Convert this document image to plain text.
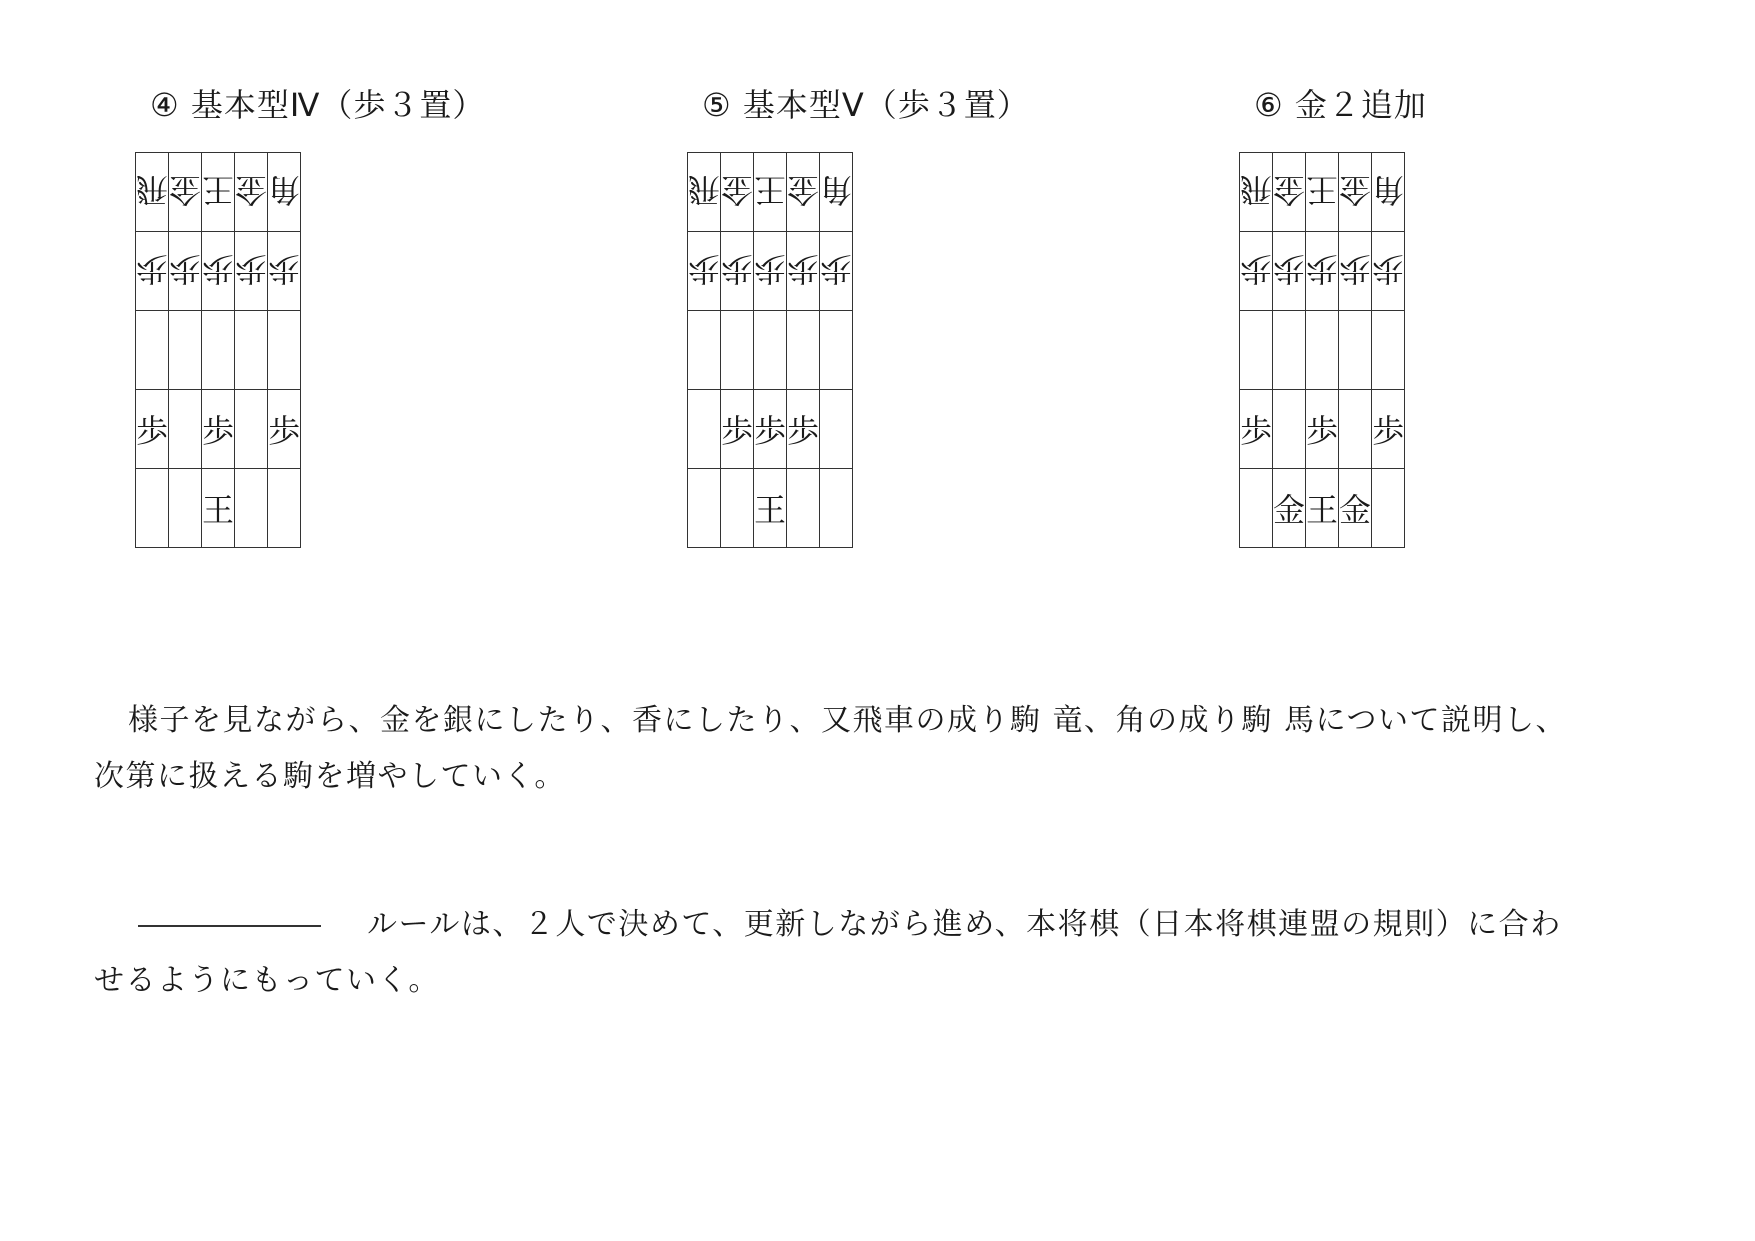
④ 基本型Ⅳ（歩３置）
飛	金	王	金	角
歩	歩	歩	歩	歩

歩		歩		歩
		王		
⑤ 基本型Ⅴ（歩３置）
飛	金	王	金	角
歩	歩	歩	歩	歩

	歩	歩	歩	
		王		
⑥ 金２追加
飛	金	王	金	角
歩	歩	歩	歩	歩

歩		歩		歩
	金	王	金	
様子を見ながら、金を銀にしたり、香にしたり、又飛車の成り駒 竜、角の成り駒 馬について説明し、
次第に扱える駒を増やしていく。
ルールは、２人で決めて、更新しながら進め、本将棋（日本将棋連盟の規則）に合わ
せるようにもっていく。
